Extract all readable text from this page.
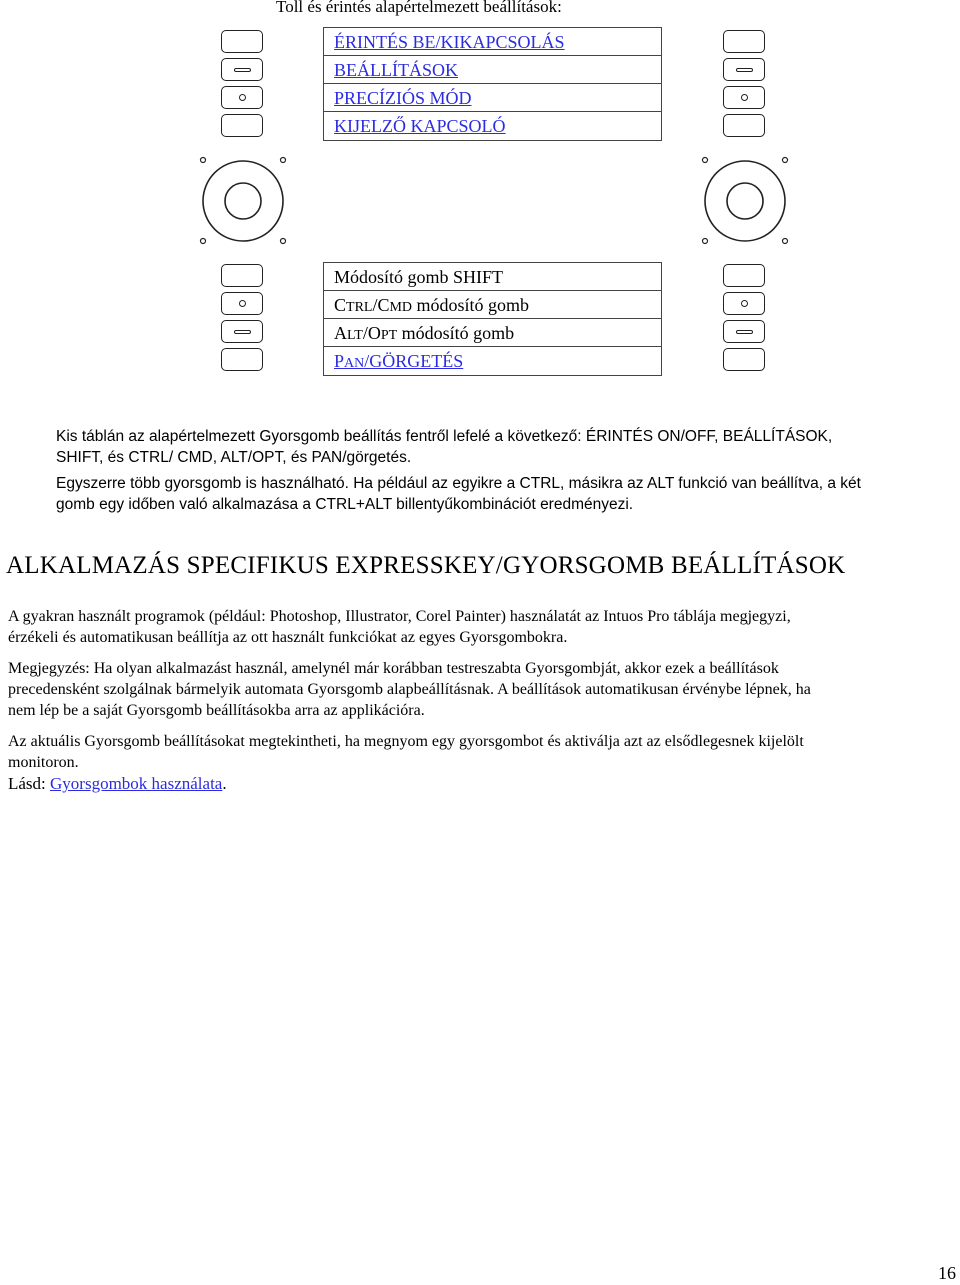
Toll és érintés alapértelmezett beállítások:
ÉRINTÉS BE/KIKAPCSOLÁS
BEÁLLÍTÁSOK
PRECÍZIÓS MÓD
KIJELZŐ KAPCSOLÓ
Módosító gomb SHIFT
CTRL/CMD módosító gomb
ALT/OPT módosító gomb
PAN/GÖRGETÉS
Kis táblán az alapértelmezett Gyorsgomb beállítás fentről lefelé a következő: ÉRINTÉS ON/OFF, BEÁLLÍTÁSOK,
SHIFT, és CTRL/ CMD, ALT/OPT, és PAN/görgetés.
Egyszerre több gyorsgomb is használható. Ha például az egyikre a CTRL, másikra az ALT funkció van beállítva, a két
gomb egy időben való alkalmazása a CTRL+ALT billentyűkombinációt eredményezi.
ALKALMAZÁS SPECIFIKUS EXPRESSKEY/GYORSGOMB BEÁLLÍTÁSOK
A gyakran használt programok (például: Photoshop, Illustrator, Corel Painter) használatát az Intuos Pro táblája megjegyzi,
érzékeli és automatikusan beállítja az ott használt funkciókat az egyes Gyorsgombokra.
Megjegyzés: Ha olyan alkalmazást használ, amelynél már korábban testreszabta Gyorsgombját, akkor ezek a beállítások
precedensként szolgálnak bármelyik automata Gyorsgomb alapbeállításnak. A beállítások automatikusan érvénybe lépnek, ha
nem lép be a saját Gyorsgomb beállításokba arra az applikációra.
Az aktuális Gyorsgomb beállításokat megtekintheti, ha megnyom egy gyorsgombot és aktiválja azt az elsődlegesnek kijelölt
monitoron.
Lásd: Gyorsgombok használata.
16
